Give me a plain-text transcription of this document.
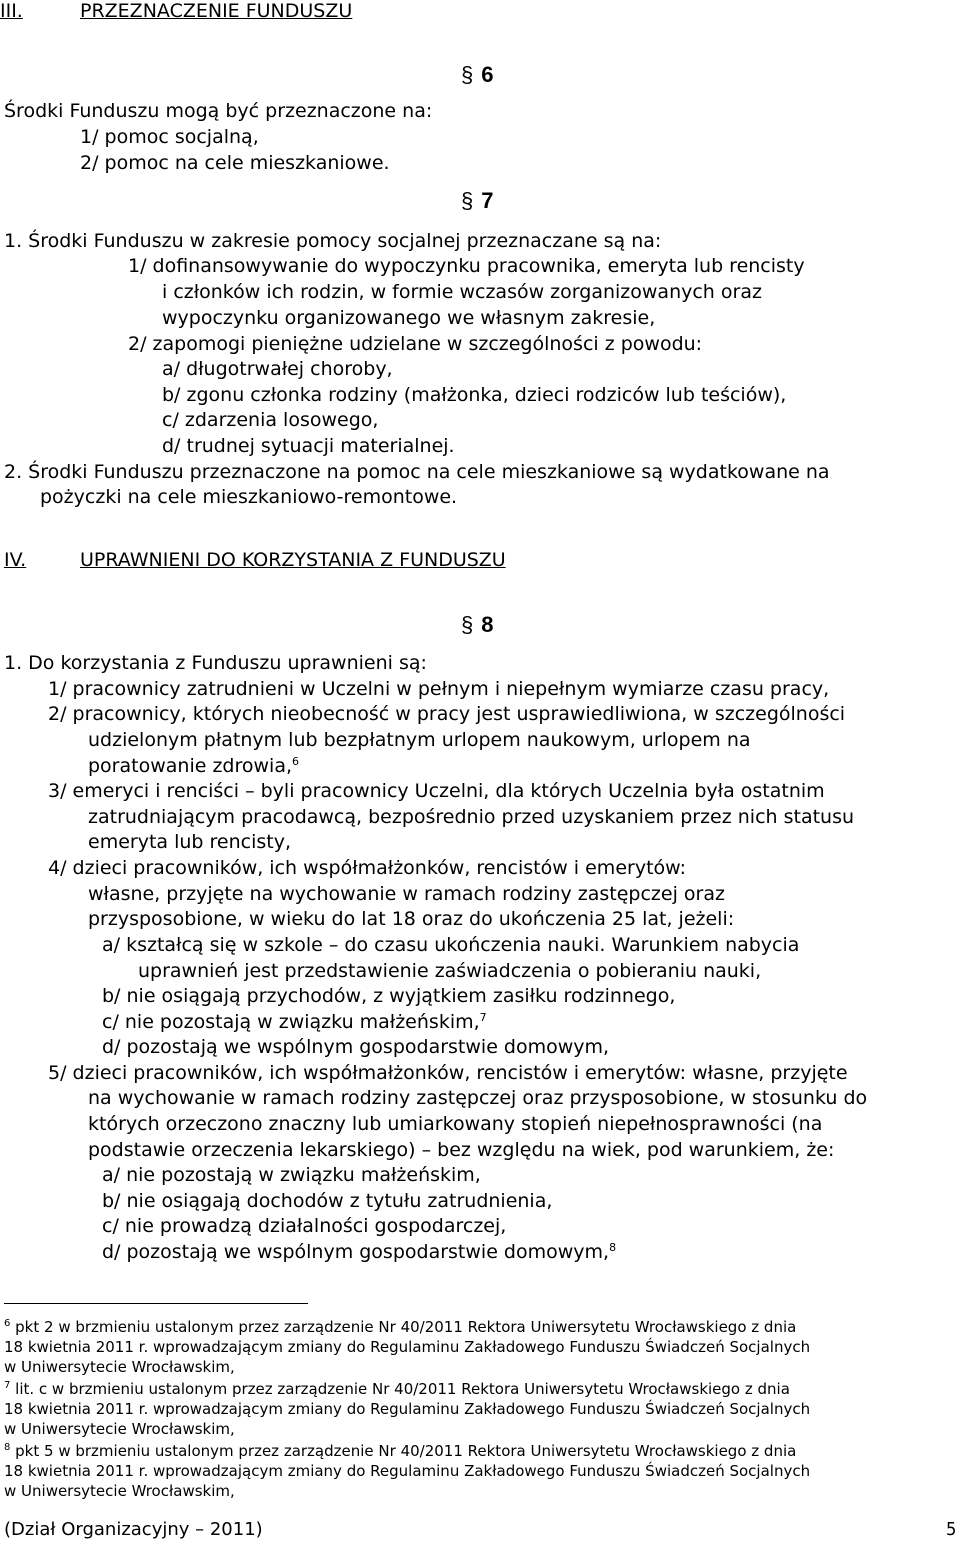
III.	PRZEZNACZENIE FUNDUSZU
§ 6
Środki Funduszu mogą być przeznaczone na:
1/ pomoc socjalną,
2/ pomoc na cele mieszkaniowe.
§ 7
1. Środki Funduszu w zakresie pomocy socjalnej przeznaczane są na:
1/ dofinansowywanie do wypoczynku pracownika, emeryta lub rencisty
i członków ich rodzin, w formie wczasów zorganizowanych oraz
wypoczynku organizowanego we własnym zakresie,
2/ zapomogi pieniężne udzielane w szczególności z powodu:
a/ długotrwałej choroby,
b/ zgonu członka rodziny (małżonka, dzieci rodziców lub teściów),
c/ zdarzenia losowego,
d/ trudnej sytuacji materialnej.
2. Środki Funduszu przeznaczone na pomoc na cele mieszkaniowe są wydatkowane na
pożyczki na cele mieszkaniowo-remontowe.
IV.	UPRAWNIENI DO KORZYSTANIA Z FUNDUSZU
§ 8
1. Do korzystania z Funduszu uprawnieni są:
1/ pracownicy zatrudnieni w Uczelni w pełnym i niepełnym wymiarze czasu pracy,
2/ pracownicy, których nieobecność w pracy jest usprawiedliwiona, w szczególności
udzielonym płatnym lub bezpłatnym urlopem naukowym, urlopem na
poratowanie zdrowia,$^6$
3/ emeryci i renciści – byli pracownicy Uczelni, dla których Uczelnia była ostatnim
zatrudniającym pracodawcą, bezpośrednio przed uzyskaniem przez nich statusu
emeryta lub rencisty,
4/ dzieci pracowników, ich współmałżonków, rencistów i emerytów:
własne, przyjęte na wychowanie w ramach rodziny zastępczej oraz
przysposobione, w wieku do lat 18 oraz do ukończenia 25 lat, jeżeli:
a/ kształcą się w szkole – do czasu ukończenia nauki. Warunkiem nabycia
uprawnień jest przedstawienie zaświadczenia o pobieraniu nauki,
b/ nie osiągają przychodów, z wyjątkiem zasiłku rodzinnego,
c/ nie pozostają w związku małżeńskim,$^7$
d/ pozostają we wspólnym gospodarstwie domowym,
5/ dzieci pracowników, ich współmałżonków, rencistów i emerytów: własne, przyjęte
na wychowanie w ramach rodziny zastępczej oraz przysposobione, w stosunku do
których orzeczono znaczny lub umiarkowany stopień niepełnosprawności (na
podstawie orzeczenia lekarskiego) – bez względu na wiek, pod warunkiem, że:
a/ nie pozostają w związku małżeńskim,
b/ nie osiągają dochodów z tytułu zatrudnienia,
c/ nie prowadzą działalności gospodarczej,
d/ pozostają we wspólnym gospodarstwie domowym,$^8$
$^6$ pkt 2 w brzmieniu ustalonym przez zarządzenie Nr 40/2011 Rektora Uniwersytetu Wrocławskiego z dnia
18 kwietnia 2011 r. wprowadzającym zmiany do Regulaminu Zakładowego Funduszu Świadczeń Socjalnych
w Uniwersytecie Wrocławskim,
$^7$ lit. c w brzmieniu ustalonym przez zarządzenie Nr 40/2011 Rektora Uniwersytetu Wrocławskiego z dnia
18 kwietnia 2011 r. wprowadzającym zmiany do Regulaminu Zakładowego Funduszu Świadczeń Socjalnych
w Uniwersytecie Wrocławskim,
$^8$ pkt 5 w brzmieniu ustalonym przez zarządzenie Nr 40/2011 Rektora Uniwersytetu Wrocławskiego z dnia
18 kwietnia 2011 r. wprowadzającym zmiany do Regulaminu Zakładowego Funduszu Świadczeń Socjalnych
w Uniwersytecie Wrocławskim,
(Dział Organizacyjny – 2011)	5
